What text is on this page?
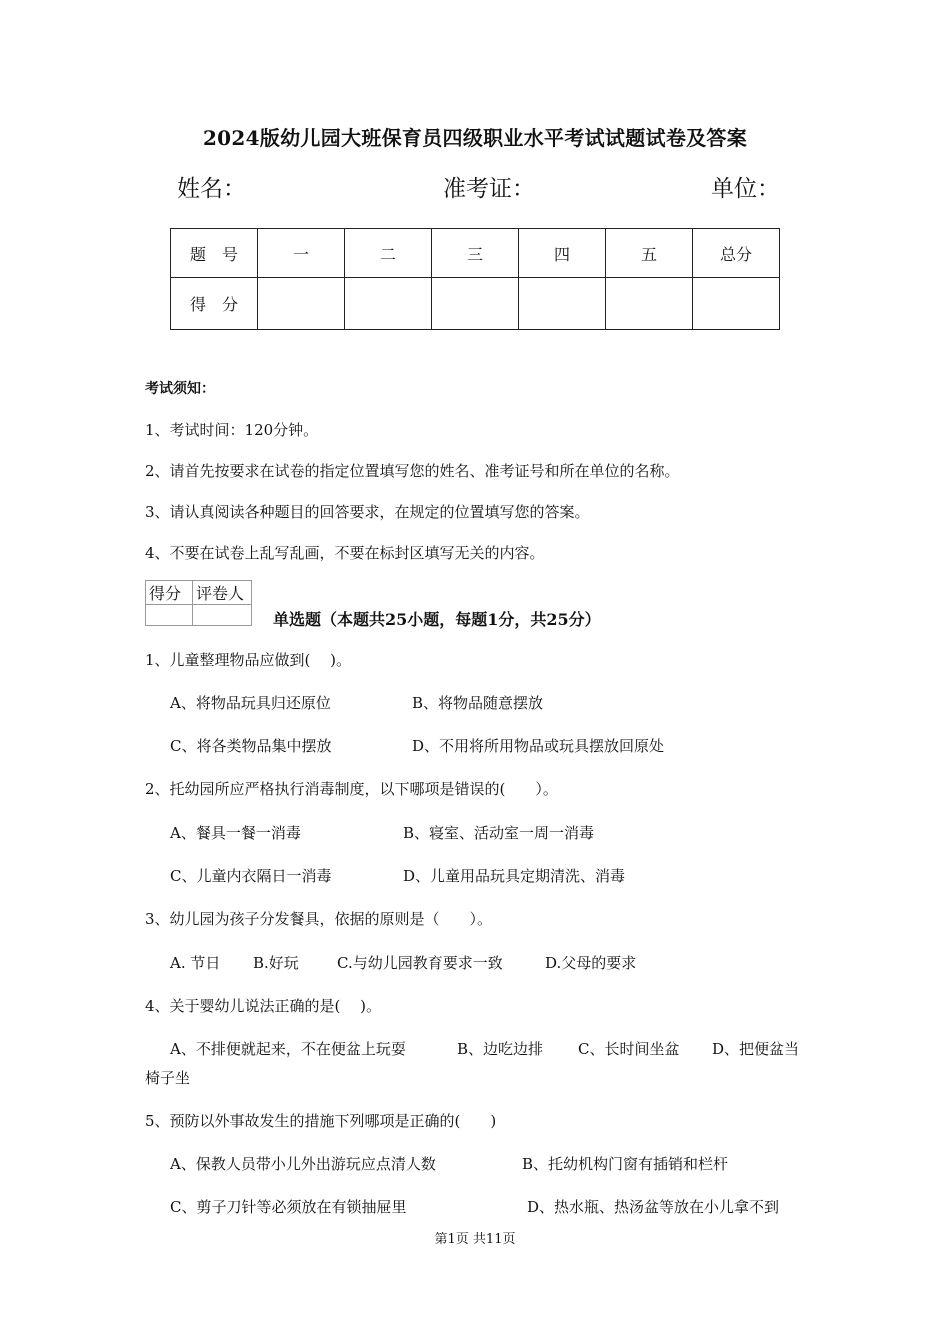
2024版幼儿园大班保育员四级职业水平考试试题试卷及答案
姓名：	准考证：	单位：
题　号	一	二	三	四	五	总分
得　分						
考试须知：
1、考试时间：120分钟。
2、请首先按要求在试卷的指定位置填写您的姓名、准考证号和所在单位的名称。
3、请认真阅读各种题目的回答要求，在规定的位置填写您的答案。
4、不要在试卷上乱写乱画，不要在标封区填写无关的内容。
得分	评卷人

单选题（本题共25小题，每题1分，共25分）
1、儿童整理物品应做到(　 )。
A、将物品玩具归还原位	B、将物品随意摆放
C、将各类物品集中摆放	D、不用将所用物品或玩具摆放回原处
2、托幼园所应严格执行消毒制度，以下哪项是错误的(　　）。
A、餐具一餐一消毒	B、寝室、活动室一周一消毒
C、儿童内衣隔日一消毒	D、儿童用品玩具定期清洗、消毒
3、幼儿园为孩子分发餐具，依据的原则是（　　）。
A. 节日 B.好玩	C.与幼儿园教育要求一致	D.父母的要求
4、关于婴幼儿说法正确的是(　 )。
A、不排便就起来，不在便盆上玩耍	B、边吃边排 C、长时间坐盆 D、把便盆当
椅子坐
5、预防以外事故发生的措施下列哪项是正确的(　　)
A、保教人员带小儿外出游玩应点清人数	B、托幼机构门窗有插销和栏杆
C、剪子刀针等必须放在有锁抽屉里	D、热水瓶、热汤盆等放在小儿拿不到
第1页 共11页
